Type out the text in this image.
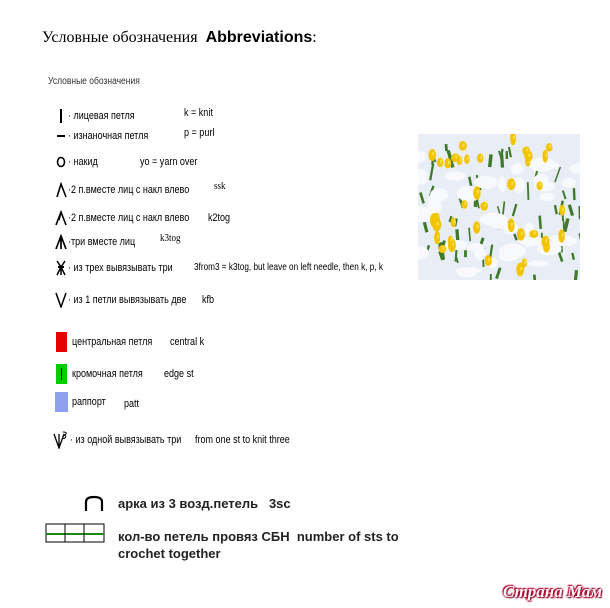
Условные обозначения Abbreviations:
Условные обозначения
· лицевая петля	k = knit
· изнаночная петля	p = purl
· накид	yo = yarn over
·2 п.вместе лиц с накл влево ssk
·2 п.вместе лиц с накл влево k2tog
·три вместе лиц k3tog
· из трех вывязывать три 3from3 = k3tog, but leave on left needle, then k, p, k
· из 1 петли вывязывать две kfb
центральная петля central k
кромочная петля edge st
раппорт patt
· из одной вывязывать три from one st to knit three
арка из 3 возд.петель 3sc
кол-во петель провяз СБН number of sts to
crochet together
Страна Мам
